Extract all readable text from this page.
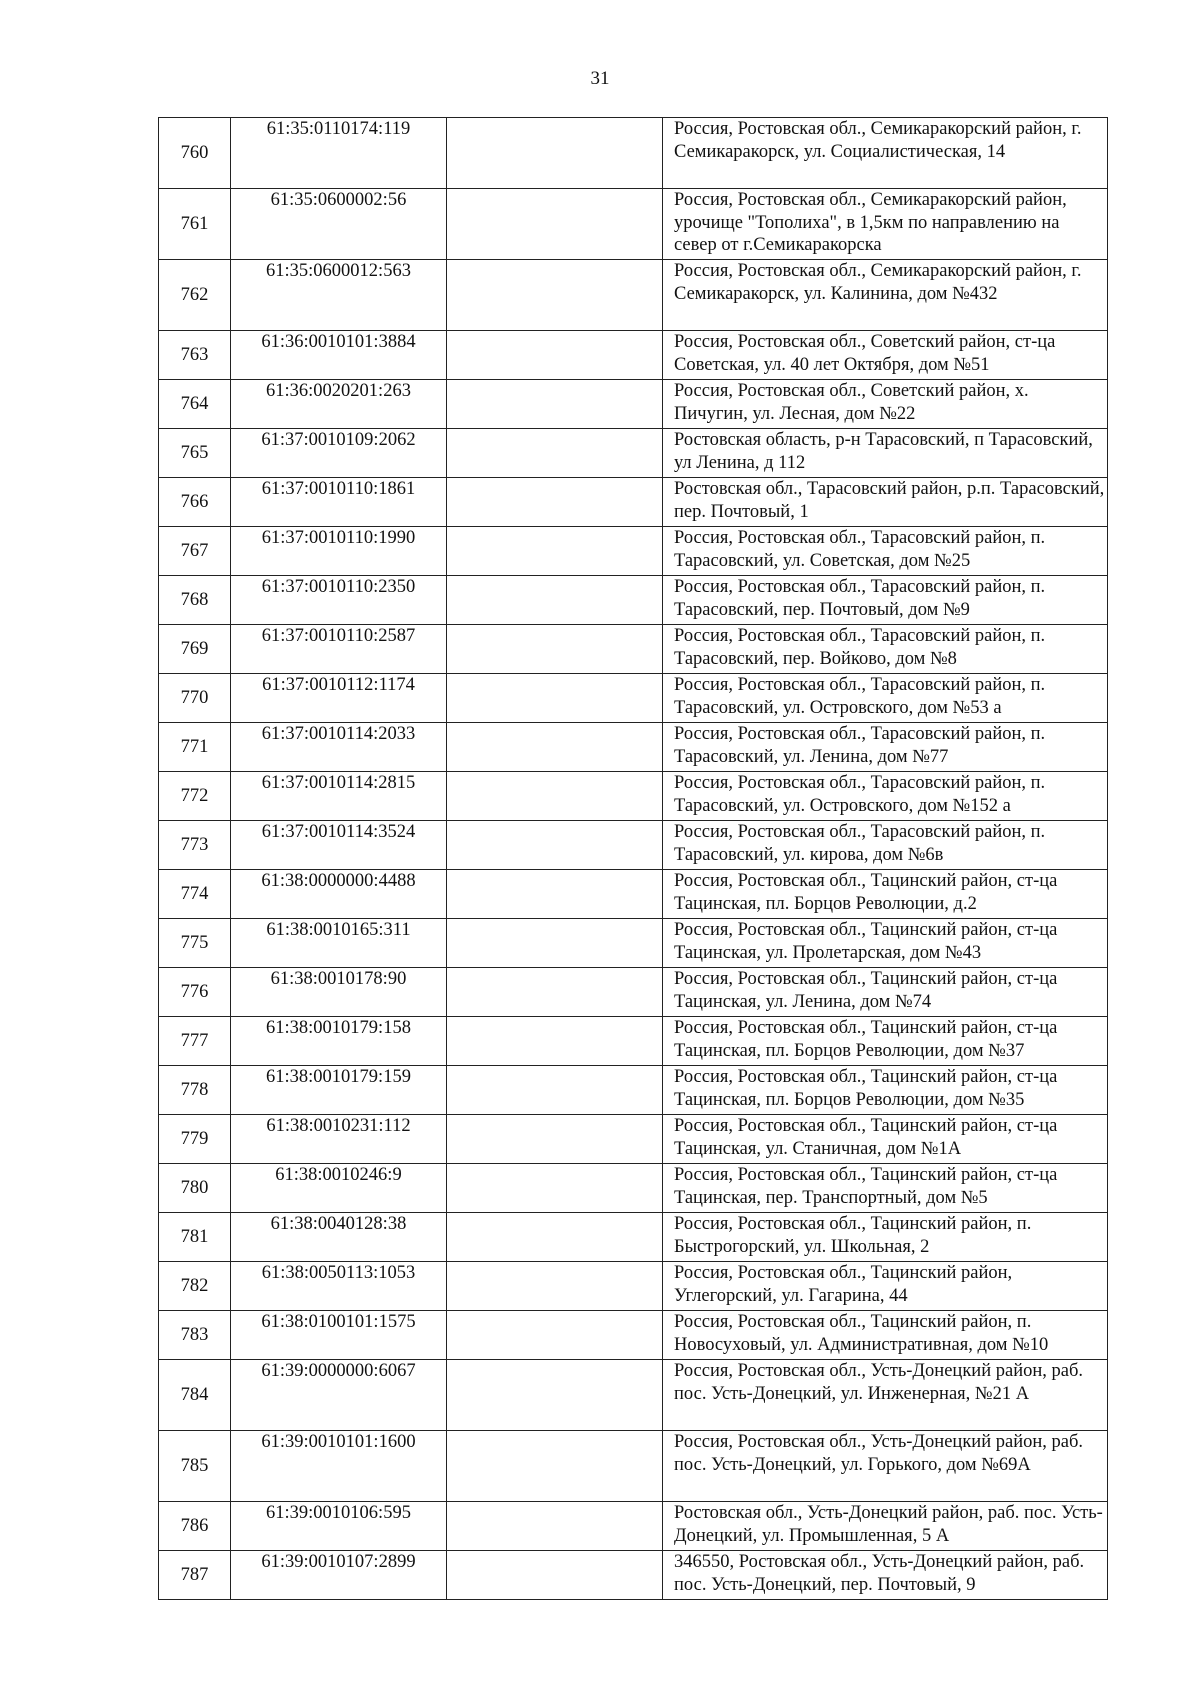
31
760	61:35:0110174:119		Россия, Ростовская обл., Семикаракорский район, г. Семикаракорск, ул. Социалистическая, 14
761	61:35:0600002:56		Россия, Ростовская обл., Семикаракорский район, урочище "Тополиха", в 1,5км по направлению на север от г.Семикаракорска
762	61:35:0600012:563		Россия, Ростовская обл., Семикаракорский район, г. Семикаракорск, ул. Калинина, дом №432
763	61:36:0010101:3884		Россия, Ростовская обл., Советский район, ст-ца Советская, ул. 40 лет Октября, дом №51
764	61:36:0020201:263		Россия, Ростовская обл., Советский район, х. Пичугин, ул. Лесная, дом №22
765	61:37:0010109:2062		Ростовская область, р-н Тарасовский, п Тарасовский, ул Ленина, д 112
766	61:37:0010110:1861		Ростовская обл., Тарасовский район, р.п. Тарасовский, пер. Почтовый, 1
767	61:37:0010110:1990		Россия, Ростовская обл., Тарасовский район, п. Тарасовский, ул. Советская, дом №25
768	61:37:0010110:2350		Россия, Ростовская обл., Тарасовский район, п. Тарасовский, пер. Почтовый, дом №9
769	61:37:0010110:2587		Россия, Ростовская обл., Тарасовский район, п. Тарасовский, пер. Войково, дом №8
770	61:37:0010112:1174		Россия, Ростовская обл., Тарасовский район, п. Тарасовский, ул. Островского, дом №53 а
771	61:37:0010114:2033		Россия, Ростовская обл., Тарасовский район, п. Тарасовский, ул. Ленина, дом №77
772	61:37:0010114:2815		Россия, Ростовская обл., Тарасовский район, п. Тарасовский, ул. Островского, дом №152 а
773	61:37:0010114:3524		Россия, Ростовская обл., Тарасовский район, п. Тарасовский, ул. кирова, дом №6в
774	61:38:0000000:4488		Россия, Ростовская обл., Тацинский район, ст-ца Тацинская, пл. Борцов Революции, д.2
775	61:38:0010165:311		Россия, Ростовская обл., Тацинский район, ст-ца Тацинская, ул. Пролетарская, дом №43
776	61:38:0010178:90		Россия, Ростовская обл., Тацинский район, ст-ца Тацинская, ул. Ленина, дом №74
777	61:38:0010179:158		Россия, Ростовская обл., Тацинский район, ст-ца Тацинская, пл. Борцов Революции, дом №37
778	61:38:0010179:159		Россия, Ростовская обл., Тацинский район, ст-ца Тацинская, пл. Борцов Революции, дом №35
779	61:38:0010231:112		Россия, Ростовская обл., Тацинский район, ст-ца Тацинская, ул. Станичная, дом №1А
780	61:38:0010246:9		Россия, Ростовская обл., Тацинский район, ст-ца Тацинская, пер. Транспортный, дом №5
781	61:38:0040128:38		Россия, Ростовская обл., Тацинский район, п. Быстрогорский, ул. Школьная, 2
782	61:38:0050113:1053		Россия, Ростовская обл., Тацинский район, Углегорский, ул. Гагарина, 44
783	61:38:0100101:1575		Россия, Ростовская обл., Тацинский район, п. Новосуховый, ул. Административная, дом №10
784	61:39:0000000:6067		Россия, Ростовская обл., Усть-Донецкий район, раб. пос. Усть-Донецкий, ул. Инженерная, №21 А
785	61:39:0010101:1600		Россия, Ростовская обл., Усть-Донецкий район, раб. пос. Усть-Донецкий, ул. Горького, дом №69А
786	61:39:0010106:595		Ростовская обл., Усть-Донецкий район, раб. пос. Усть-Донецкий, ул. Промышленная, 5 А
787	61:39:0010107:2899		346550, Ростовская обл., Усть-Донецкий район, раб. пос. Усть-Донецкий, пер. Почтовый, 9
